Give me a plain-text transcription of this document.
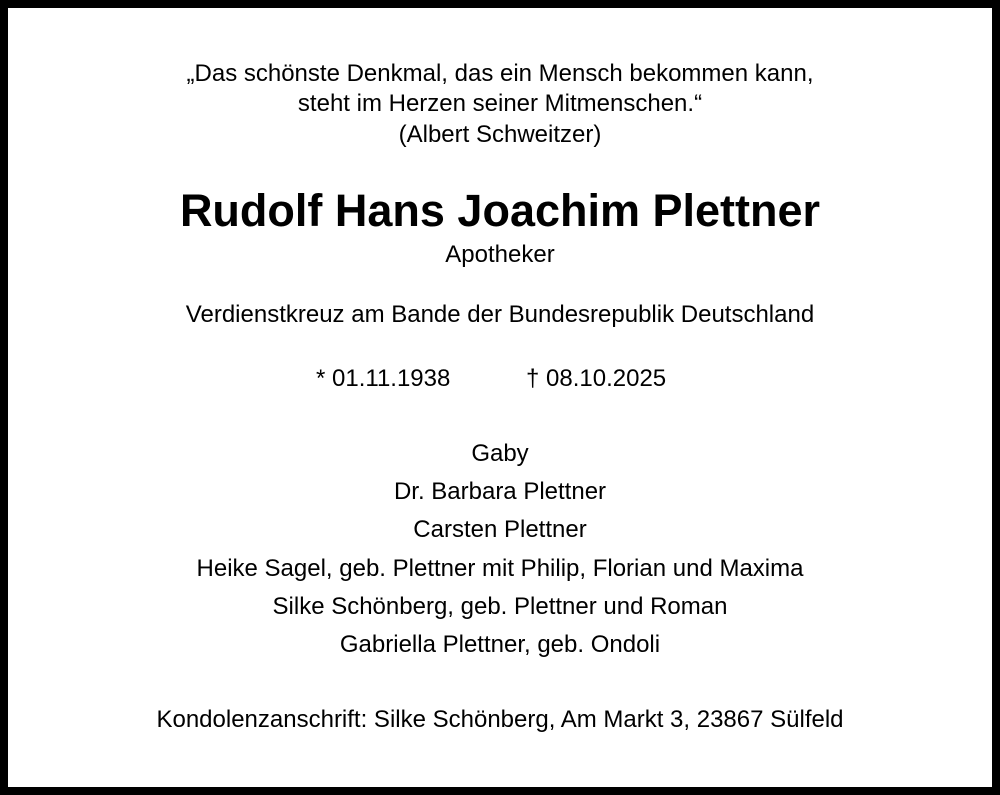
„Das schönste Denkmal, das ein Mensch bekommen kann,
steht im Herzen seiner Mitmenschen.“
(Albert Schweitzer)
Rudolf Hans Joachim Plettner
Apotheker
Verdienstkreuz am Bande der Bundesrepublik Deutschland
* 01.11.1938	† 08.10.2025
Gaby
Dr. Barbara Plettner
Carsten Plettner
Heike Sagel, geb. Plettner mit Philip, Florian und Maxima
Silke Schönberg, geb. Plettner und Roman
Gabriella Plettner, geb. Ondoli
Kondolenzanschrift: Silke Schönberg, Am Markt 3, 23867 Sülfeld
